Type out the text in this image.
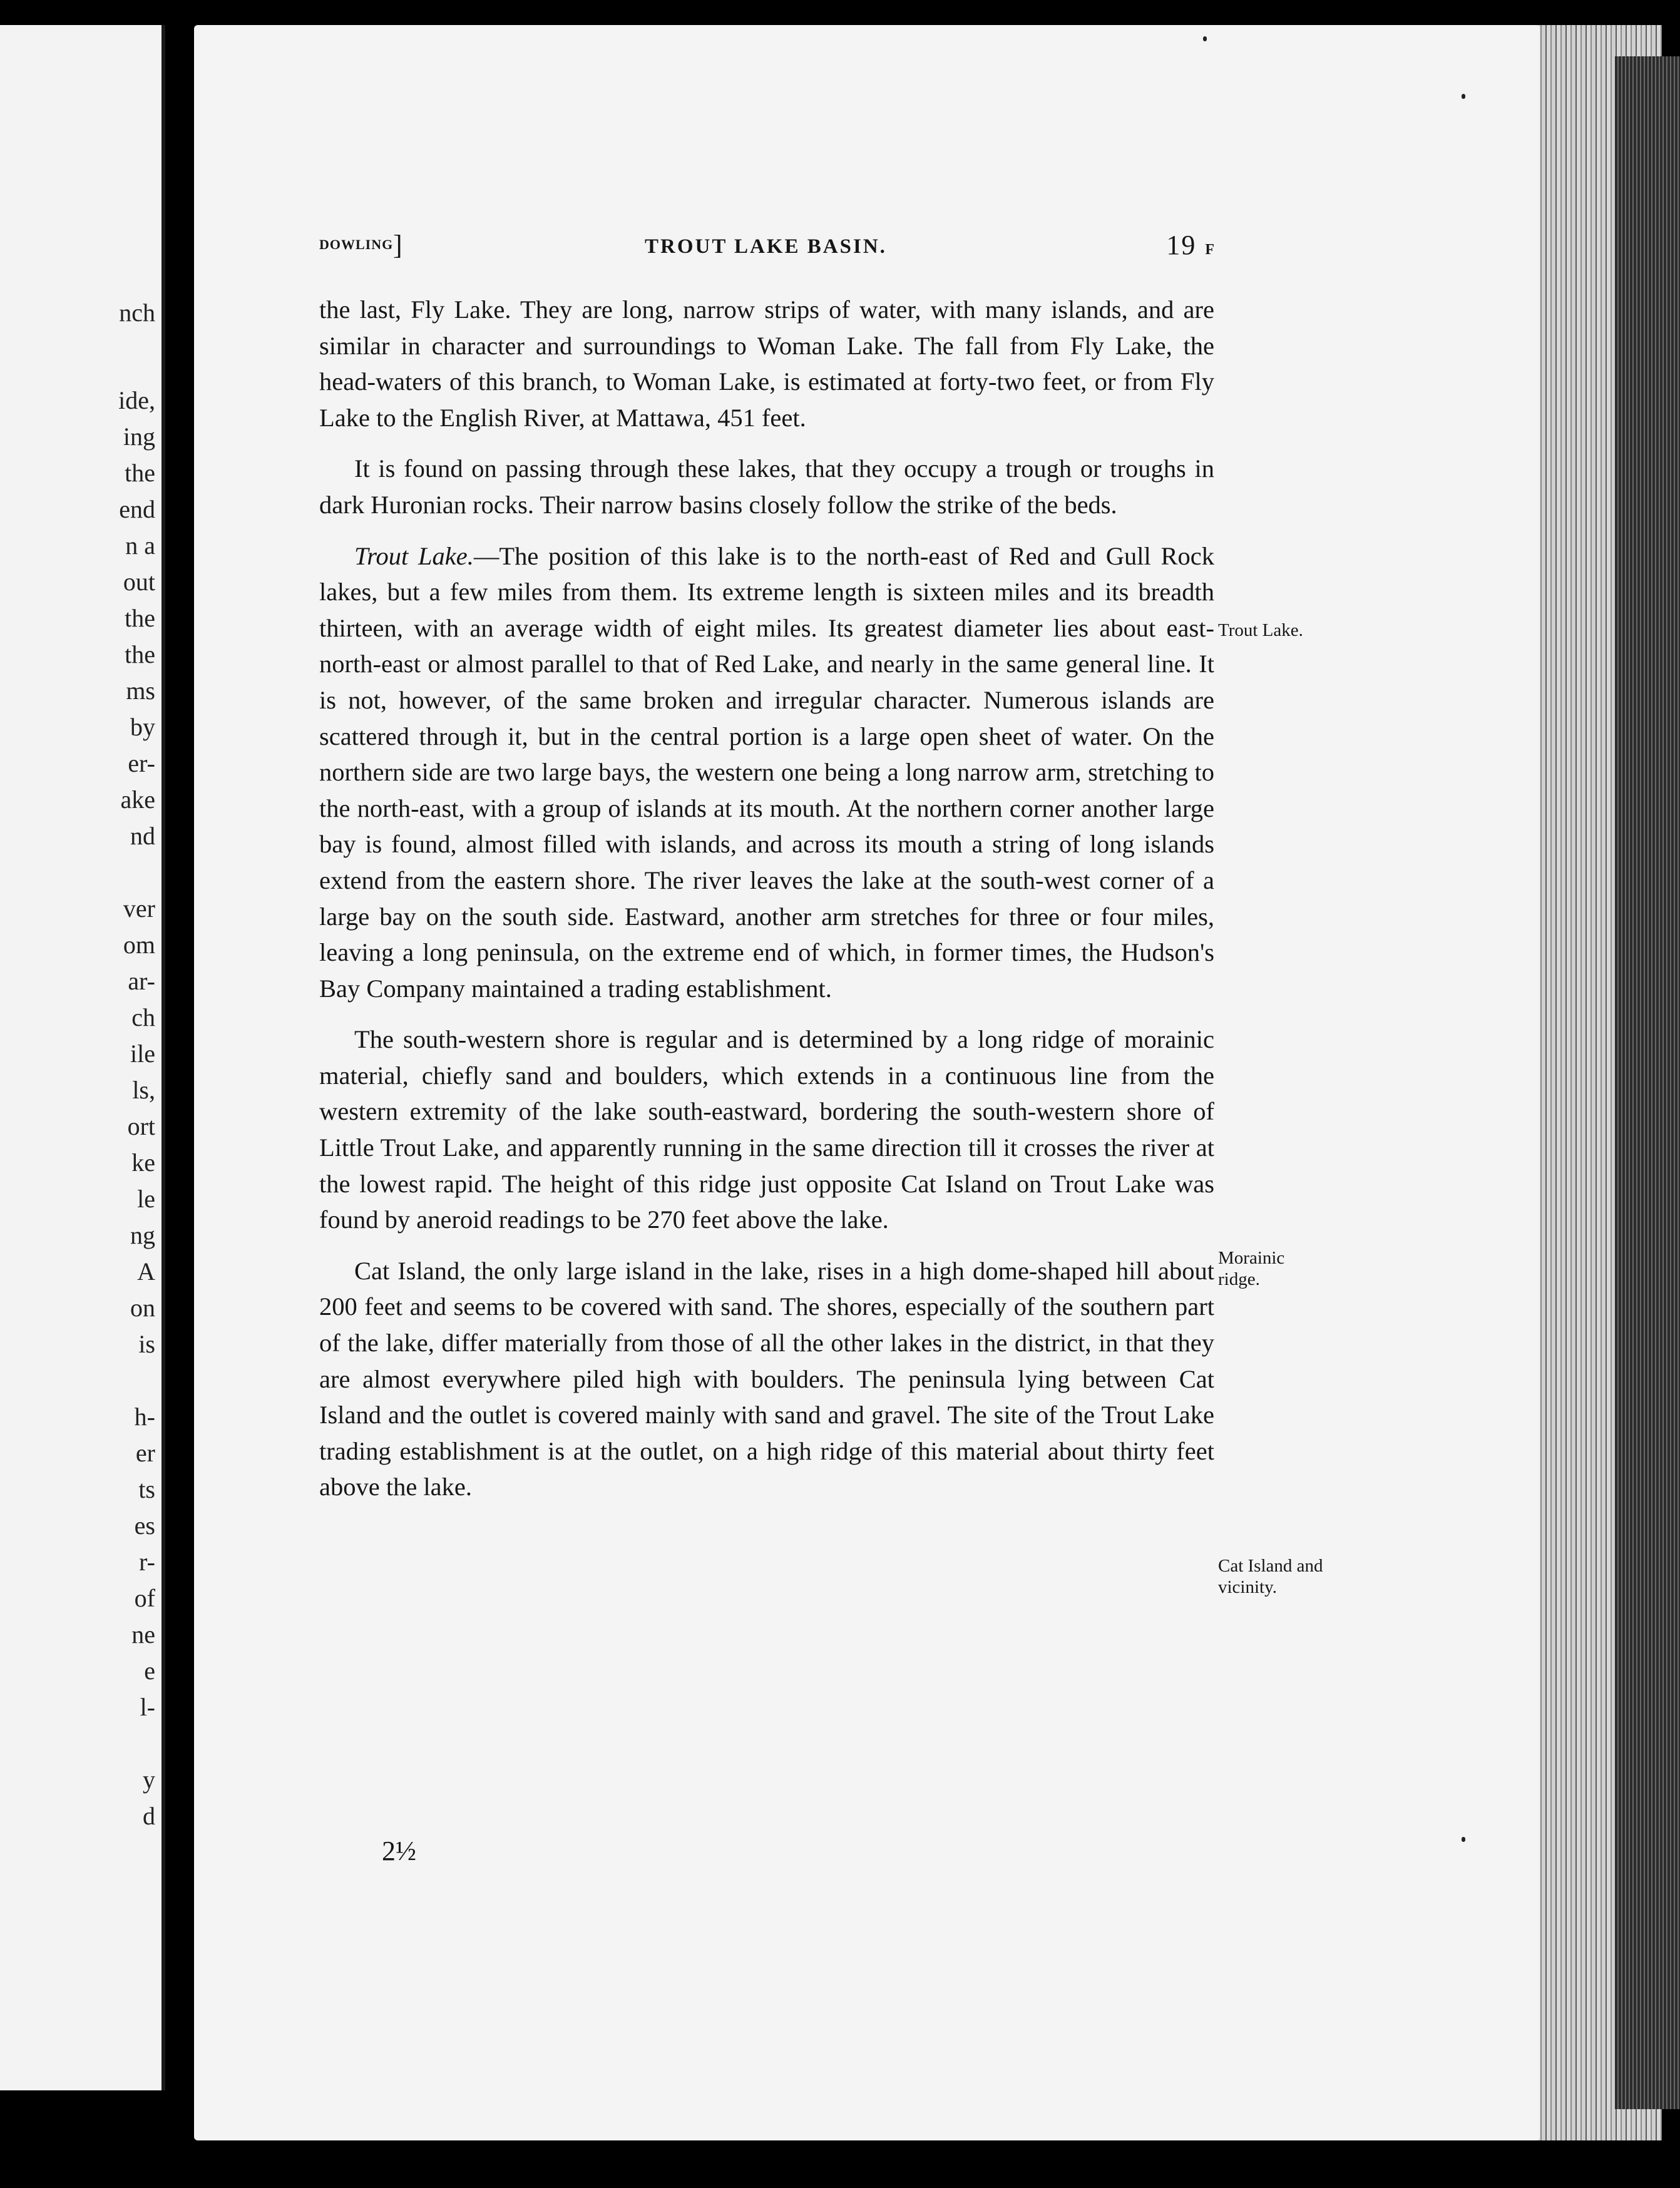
nch
ide,
ing
the
end
n a
out
the
the
ms
by
er-
ake
nd
ver
om
ar-
ch
ile
ls,
ort
ke
le
ng
A
on
is
h-
er
ts
es
r-
of
ne
e
l-
y
d
DOWLING ]	TROUT LAKE BASIN.	19 F

the last, Fly Lake. They are long, narrow strips of water, with many islands, and are similar in character and surroundings to Woman Lake. The fall from Fly Lake, the head-waters of this branch, to Woman Lake, is estimated at forty-two feet, or from Fly Lake to the English River, at Mattawa, 451 feet.

It is found on passing through these lakes, that they occupy a trough or troughs in dark Huronian rocks. Their narrow basins closely follow the strike of the beds.

Trout Lake.—The position of this lake is to the north-east of Red and Gull Rock lakes, but a few miles from them. Its extreme length is sixteen miles and its breadth thirteen, with an average width of eight miles. Its greatest diameter lies about east-north-east or almost parallel to that of Red Lake, and nearly in the same general line. It is not, however, of the same broken and irregular character. Numerous islands are scattered through it, but in the central portion is a large open sheet of water. On the northern side are two large bays, the western one being a long narrow arm, stretching to the north-east, with a group of islands at its mouth. At the northern corner another large bay is found, almost filled with islands, and across its mouth a string of long islands extend from the eastern shore. The river leaves the lake at the south-west corner of a large bay on the south side. Eastward, another arm stretches for three or four miles, leaving a long peninsula, on the extreme end of which, in former times, the Hudson's Bay Company maintained a trading establishment.

The south-western shore is regular and is determined by a long ridge of morainic material, chiefly sand and boulders, which extends in a continuous line from the western extremity of the lake south-eastward, bordering the south-western shore of Little Trout Lake, and apparently running in the same direction till it crosses the river at the lowest rapid. The height of this ridge just opposite Cat Island on Trout Lake was found by aneroid readings to be 270 feet above the lake.

Cat Island, the only large island in the lake, rises in a high dome-shaped hill about 200 feet and seems to be covered with sand. The shores, especially of the southern part of the lake, differ materially from those of all the other lakes in the district, in that they are almost everywhere piled high with boulders. The peninsula lying between Cat Island and the outlet is covered mainly with sand and gravel. The site of the Trout Lake trading establishment is at the outlet, on a high ridge of this material about thirty feet above the lake.

Trout Lake.
Morainic
ridge.
Cat Island and
vicinity.
2½
